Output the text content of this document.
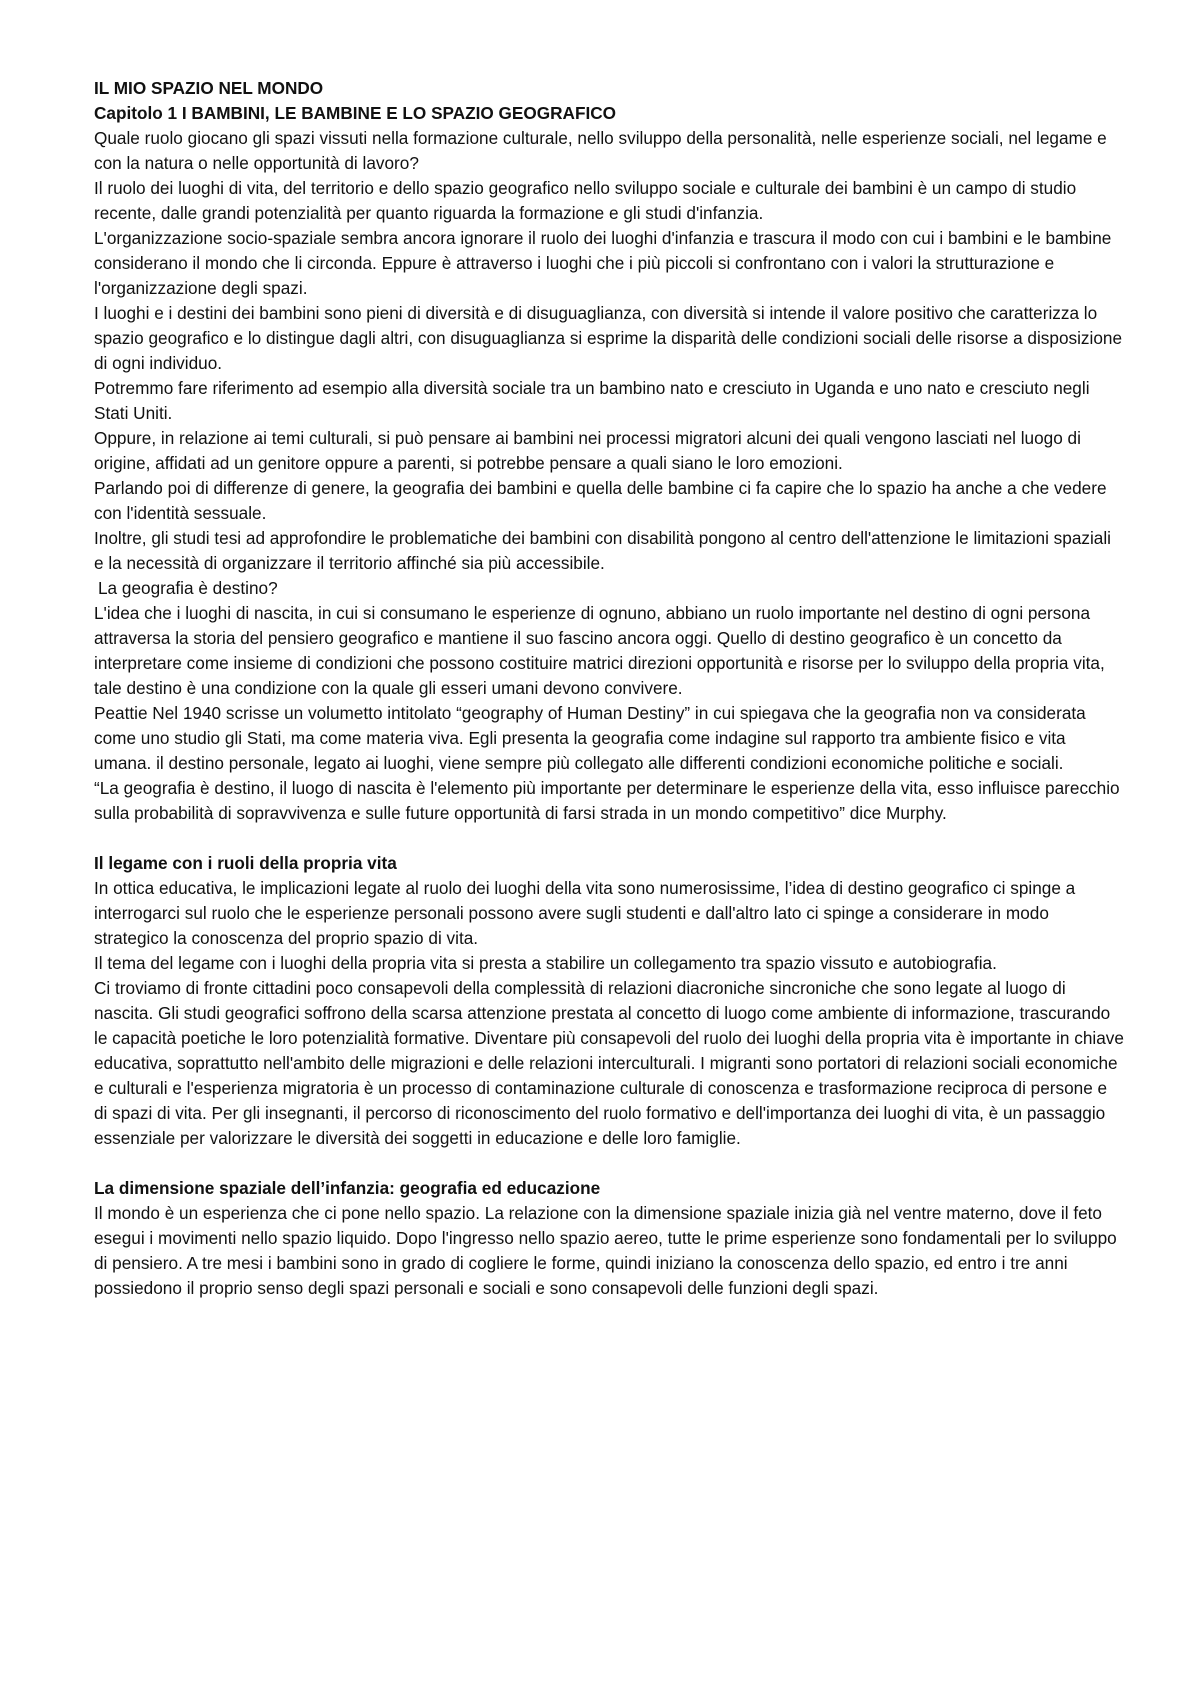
IL MIO SPAZIO NEL MONDO

Capitolo 1 I BAMBINI, LE BAMBINE E LO SPAZIO GEOGRAFICO

Quale ruolo giocano gli spazi vissuti nella formazione culturale, nello sviluppo della personalità, nelle esperienze sociali, nel legame e con la natura o nelle opportunità di lavoro?

Il ruolo dei luoghi di vita, del territorio e dello spazio geografico nello sviluppo sociale e culturale dei bambini è un campo di studio recente, dalle grandi potenzialità per quanto riguarda la formazione e gli studi d'infanzia.

L'organizzazione socio-spaziale sembra ancora ignorare il ruolo dei luoghi d'infanzia e trascura il modo con cui i bambini e le bambine considerano il mondo che li circonda. Eppure è attraverso i luoghi che i più piccoli si confrontano con i valori la strutturazione e l'organizzazione degli spazi.

I luoghi e i destini dei bambini sono pieni di diversità e di disuguaglianza, con diversità si intende il valore positivo che caratterizza lo spazio geografico e lo distingue dagli altri, con disuguaglianza si esprime la disparità delle condizioni sociali delle risorse a disposizione di ogni individuo.

Potremmo fare riferimento ad esempio alla diversità sociale tra un bambino nato e cresciuto in Uganda e uno nato e cresciuto negli Stati Uniti.

Oppure, in relazione ai temi culturali, si può pensare ai bambini nei processi migratori alcuni dei quali vengono lasciati nel luogo di origine, affidati ad un genitore oppure a parenti, si potrebbe pensare a quali siano le loro emozioni.

Parlando poi di differenze di genere, la geografia dei bambini e quella delle bambine ci fa capire che lo spazio ha anche a che vedere con l'identità sessuale.

Inoltre, gli studi tesi ad approfondire le problematiche dei bambini con disabilità pongono al centro dell'attenzione le limitazioni spaziali e la necessità di organizzare il territorio affinché sia più accessibile.

La geografia è destino?

L'idea che i luoghi di nascita, in cui si consumano le esperienze di ognuno, abbiano un ruolo importante nel destino di ogni persona attraversa la storia del pensiero geografico e mantiene il suo fascino ancora oggi. Quello di destino geografico è un concetto da interpretare come insieme di condizioni che possono costituire matrici direzioni opportunità e risorse per lo sviluppo della propria vita, tale destino è una condizione con la quale gli esseri umani devono convivere.

Peattie Nel 1940 scrisse un volumetto intitolato “geography of Human Destiny” in cui spiegava che la geografia non va considerata come uno studio gli Stati, ma come materia viva. Egli presenta la geografia come indagine sul rapporto tra ambiente fisico e vita umana. il destino personale, legato ai luoghi, viene sempre più collegato alle differenti condizioni economiche politiche e sociali.

“La geografia è destino, il luogo di nascita è l'elemento più importante per determinare le esperienze della vita, esso influisce parecchio sulla probabilità di sopravvivenza e sulle future opportunità di farsi strada in un mondo competitivo” dice Murphy.

Il legame con i ruoli della propria vita

In ottica educativa, le implicazioni legate al ruolo dei luoghi della vita sono numerosissime, l’idea di destino geografico ci spinge a interrogarci sul ruolo che le esperienze personali possono avere sugli studenti e dall'altro lato ci spinge a considerare in modo strategico la conoscenza del proprio spazio di vita.

Il tema del legame con i luoghi della propria vita si presta a stabilire un collegamento tra spazio vissuto e autobiografia.

Ci troviamo di fronte cittadini poco consapevoli della complessità di relazioni diacroniche sincroniche che sono legate al luogo di nascita. Gli studi geografici soffrono della scarsa attenzione prestata al concetto di luogo come ambiente di informazione, trascurando le capacità poetiche le loro potenzialità formative. Diventare più consapevoli del ruolo dei luoghi della propria vita è importante in chiave educativa, soprattutto nell'ambito delle migrazioni e delle relazioni interculturali. I migranti sono portatori di relazioni sociali economiche e culturali e l'esperienza migratoria è un processo di contaminazione culturale di conoscenza e trasformazione reciproca di persone e di spazi di vita. Per gli insegnanti, il percorso di riconoscimento del ruolo formativo e dell'importanza dei luoghi di vita, è un passaggio essenziale per valorizzare le diversità dei soggetti in educazione e delle loro famiglie.

La dimensione spaziale dell’infanzia: geografia ed educazione

Il mondo è un esperienza che ci pone nello spazio. La relazione con la dimensione spaziale inizia già nel ventre materno, dove il feto esegui i movimenti nello spazio liquido. Dopo l'ingresso nello spazio aereo, tutte le prime esperienze sono fondamentali per lo sviluppo di pensiero. A tre mesi i bambini sono in grado di cogliere le forme, quindi iniziano la conoscenza dello spazio, ed entro i tre anni possiedono il proprio senso degli spazi personali e sociali e sono consapevoli delle funzioni degli spazi.
